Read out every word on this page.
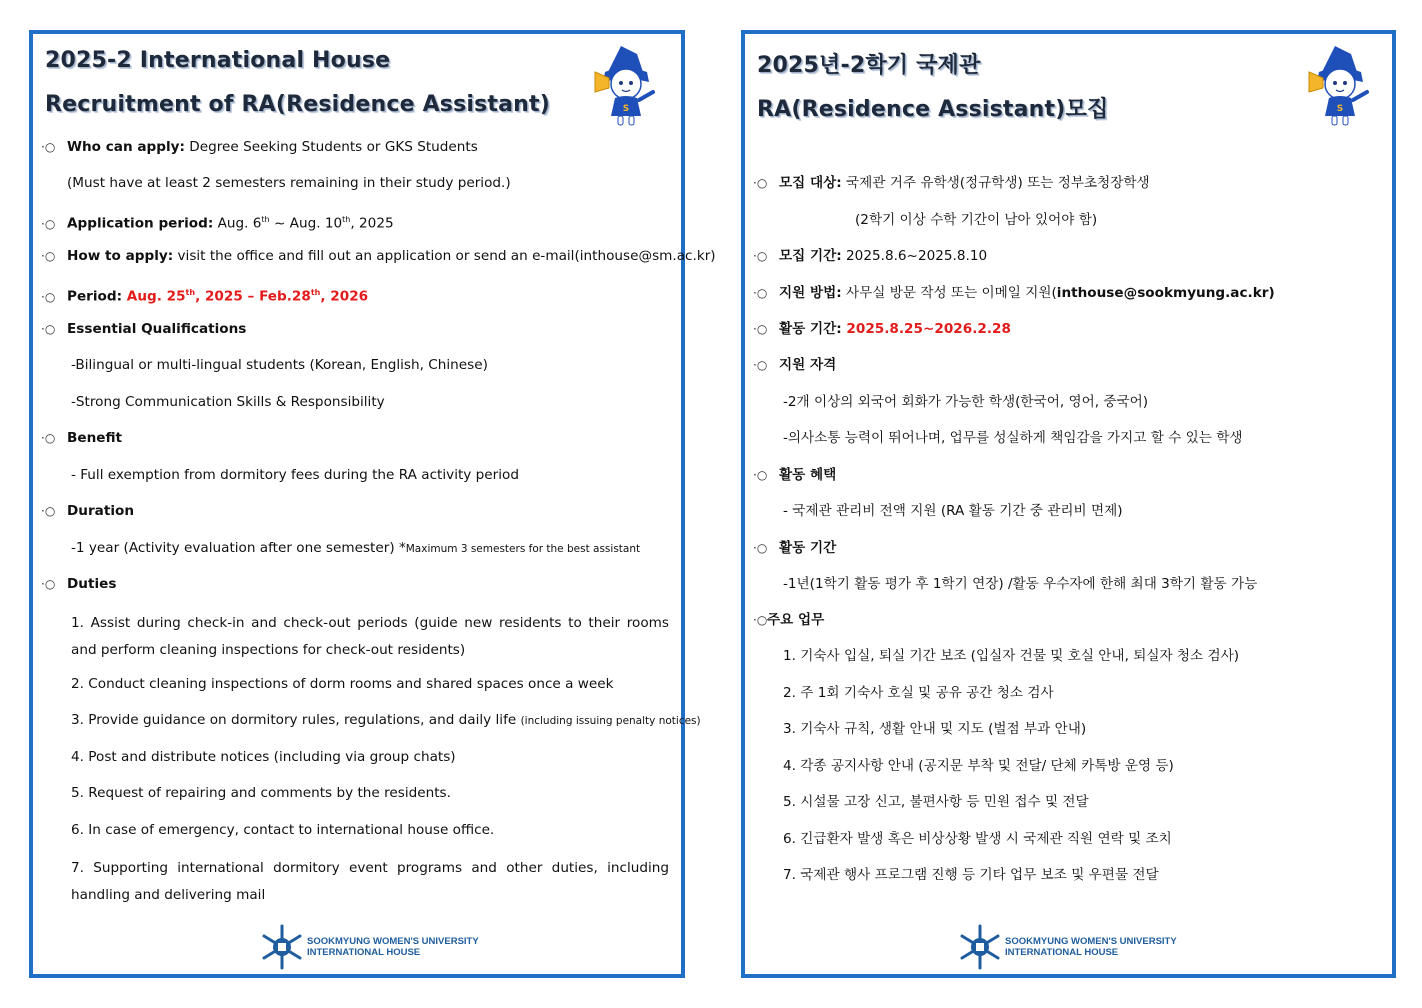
2025-2 International House
Recruitment of RA(Residence Assistant)	S
·○ Who can apply: Degree Seeking Students or GKS Students
(Must have at least 2 semesters remaining in their study period.)
·○ Application period: Aug. 6th ~ Aug. 10th, 2025
·○ How to apply: visit the office and fill out an application or send an e-mail(inthouse@sm.ac.kr)
·○ Period: Aug. 25th, 2025 – Feb.28th, 2026
·○ Essential Qualifications
-Bilingual or multi-lingual students (Korean, English, Chinese)
-Strong Communication Skills & Responsibility
·○ Benefit
- Full exemption from dormitory fees during the RA activity period
·○ Duration
-1 year (Activity evaluation after one semester) *Maximum 3 semesters for the best assistant
·○ Duties
1. Assist during check-in and check-out periods (guide new residents to their rooms and perform cleaning inspections for check-out residents)
2. Conduct cleaning inspections of dorm rooms and shared spaces once a week
3. Provide guidance on dormitory rules, regulations, and daily life (including issuing penalty notices)
4. Post and distribute notices (including via group chats)
5. Request of repairing and comments by the residents.
6. In case of emergency, contact to international house office.
7. Supporting international dormitory event programs and other duties, including handling and delivering mail
SOOKMYUNG WOMEN'S UNIVERSITY
INTERNATIONAL HOUSE
2025년-2학기 국제관
RA(Residence Assistant)모집	S
·○ 모집 대상: 국제관 거주 유학생(정규학생) 또는 정부초청장학생
(2학기 이상 수학 기간이 남아 있어야 함)
·○ 모집 기간: 2025.8.6~2025.8.10
·○ 지원 방법: 사무실 방문 작성 또는 이메일 지원(inthouse@sookmyung.ac.kr)
·○ 활동 기간: 2025.8.25~2026.2.28
·○ 지원 자격
-2개 이상의 외국어 회화가 가능한 학생(한국어, 영어, 중국어)
-의사소통 능력이 뛰어나며, 업무를 성실하게 책임감을 가지고 할 수 있는 학생
·○ 활동 혜택
- 국제관 관리비 전액 지원 (RA 활동 기간 중 관리비 면제)
·○ 활동 기간
-1년(1학기 활동 평가 후 1학기 연장) /활동 우수자에 한해 최대 3학기 활동 가능
·○주요 업무
1. 기숙사 입실, 퇴실 기간 보조 (입실자 건물 및 호실 안내, 퇴실자 청소 검사)
2. 주 1회 기숙사 호실 및 공유 공간 청소 검사
3. 기숙사 규칙, 생활 안내 및 지도 (벌점 부과 안내)
4. 각종 공지사항 안내 (공지문 부착 및 전달/ 단체 카톡방 운영 등)
5. 시설물 고장 신고, 불편사항 등 민원 접수 및 전달
6. 긴급환자 발생 혹은 비상상황 발생 시 국제관 직원 연락 및 조치
7. 국제관 행사 프로그램 진행 등 기타 업무 보조 및 우편물 전달
SOOKMYUNG WOMEN'S UNIVERSITY
INTERNATIONAL HOUSE
